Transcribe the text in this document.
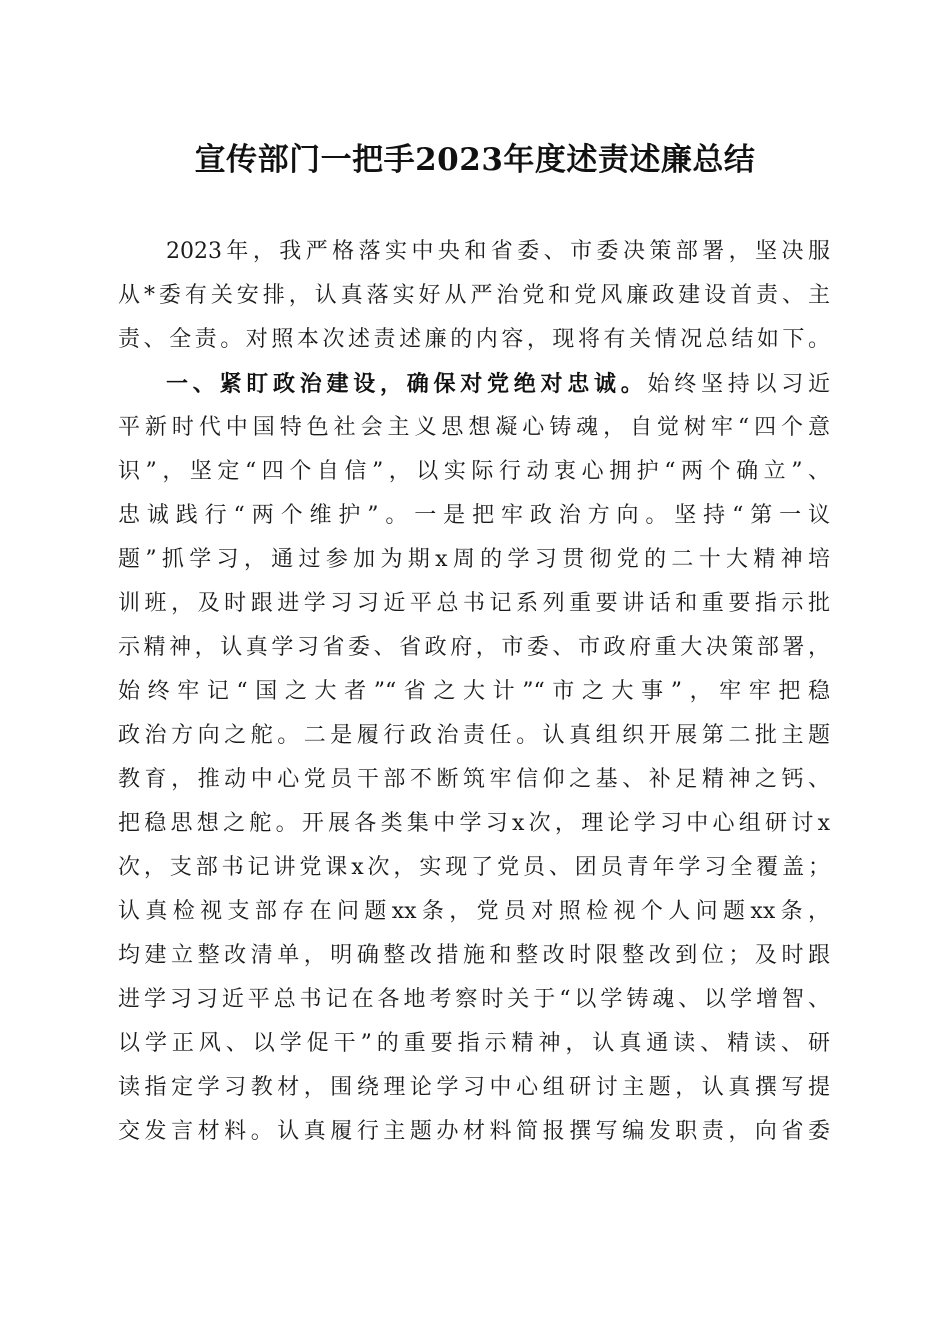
宣传部门一把手2023年度述责述廉总结
2023年，我严格落实中央和省委、市委决策部署，坚决服
从*委有关安排，认真落实好从严治党和党风廉政建设首责、主
责、全责。对照本次述责述廉的内容，现将有关情况总结如下。
一、紧盯政治建设，确保对党绝对忠诚。始终坚持以习近
平新时代中国特色社会主义思想凝心铸魂，自觉树牢“四个意
识”，坚定“四个自信”，以实际行动衷心拥护“两个确立”、
忠诚践行“两个维护”。一是把牢政治方向。坚持“第一议
题”抓学习，通过参加为期x周的学习贯彻党的二十大精神培
训班，及时跟进学习习近平总书记系列重要讲话和重要指示批
示精神，认真学习省委、省政府，市委、市政府重大决策部署，
始终牢记“国之大者”“省之大计”“市之大事”，牢牢把稳
政治方向之舵。二是履行政治责任。认真组织开展第二批主题
教育，推动中心党员干部不断筑牢信仰之基、补足精神之钙、
把稳思想之舵。开展各类集中学习x次，理论学习中心组研讨x
次，支部书记讲党课x次，实现了党员、团员青年学习全覆盖；
认真检视支部存在问题xx条，党员对照检视个人问题xx条，
均建立整改清单，明确整改措施和整改时限整改到位；及时跟
进学习习近平总书记在各地考察时关于“以学铸魂、以学增智、
以学正风、以学促干”的重要指示精神，认真通读、精读、研
读指定学习教材，围绕理论学习中心组研讨主题，认真撰写提
交发言材料。认真履行主题办材料简报撰写编发职责，向省委
